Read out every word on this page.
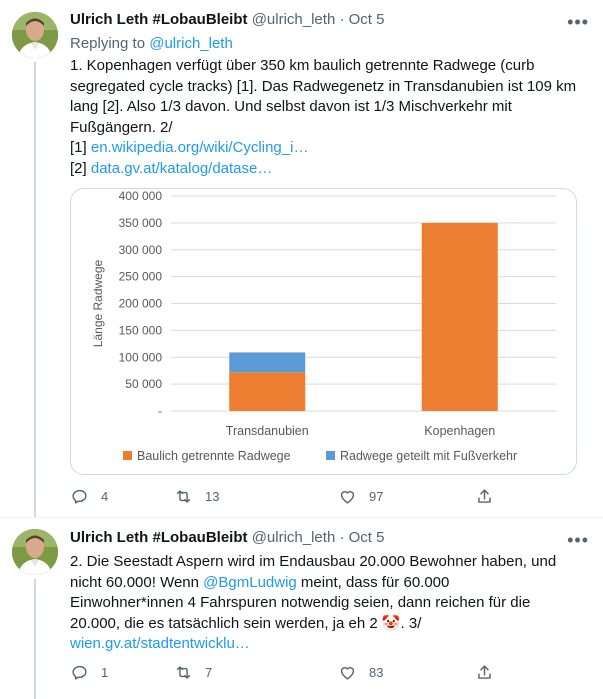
Ulrich Leth #LobauBleibt @ulrich_leth · Oct 5	•••
Replying to @ulrich_leth
1. Kopenhagen verfügt über 350 km baulich getrennte Radwege (curb
segregated cycle tracks) [1]. Das Radwegenetz in Transdanubien ist 109 km
lang [2]. Also 1/3 davon. Und selbst davon ist 1/3 Mischverkehr mit
Fußgängern. 2/
[1] en.wikipedia.org/wiki/Cycling_i…
[2] data.gv.at/katalog/datase…
-
50 000
100 000
150 000
200 000
250 000
300 000
350 000
400 000
Länge Radwege
Transdanubien	Kopenhagen
Baulich getrennte Radwege	Radwege geteilt mit Fußverkehr
4	13	97
Ulrich Leth #LobauBleibt @ulrich_leth · Oct 5	•••
2. Die Seestadt Aspern wird im Endausbau 20.000 Bewohner haben, und
nicht 60.000! Wenn @BgmLudwig meint, dass für 60.000
Einwohner*innen 4 Fahrspuren notwendig seien, dann reichen für die
20.000, die es tatsächlich sein werden, ja eh 2 🤡. 3/
wien.gv.at/stadtentwicklu…
1	7	83
